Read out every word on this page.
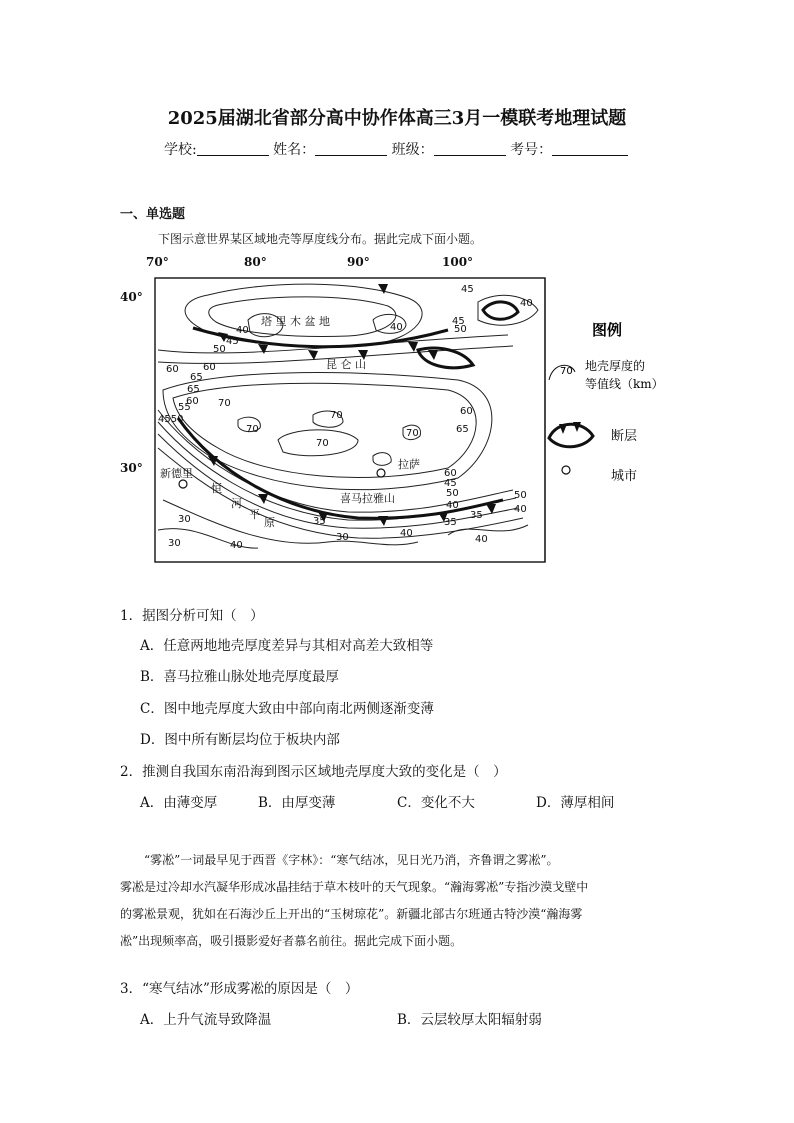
2025届湖北省部分高中协作体高三3月一模联考地理试题
学校:	姓名：	班级：	考号：
一、单选题
下图示意世界某区域地壳等厚度线分布。据此完成下面小题。
70°	80°	90°	100°
40°
30°
塔 里 木 盆 地
昆 仑 山
新德里
恒
河
平
原
喜马拉雅山
拉萨
45
40	40
45
50
60
65
60
65
60
55
4550
70
70
70
70
70
60
65
50
45
40
35
30
30
30
40
35
40
40
40
50
45
60
50
40
35
图例
70 地壳厚度的
等值线（km）
断层
城市
1．据图分析可知（　）
A．任意两地地壳厚度差异与其相对高差大致相等
B．喜马拉雅山脉处地壳厚度最厚
C．图中地壳厚度大致由中部向南北两侧逐渐变薄
D．图中所有断层均位于板块内部
2．推测自我国东南沿海到图示区域地壳厚度大致的变化是（　）
A．由薄变厚	B．由厚变薄	C．变化不大	D．薄厚相间

“雾凇”一词最早见于西晋《字林》：“寒气结冰，见日光乃消，齐鲁谓之雾凇”。

雾凇是过冷却水汽凝华形成冰晶挂结于草木枝叶的天气现象。“瀚海雾凇”专指沙漠戈壁中

的雾凇景观，犹如在石海沙丘上开出的“玉树琼花”。新疆北部古尔班通古特沙漠“瀚海雾

凇”出现频率高，吸引摄影爱好者慕名前往。据此完成下面小题。

3．“寒气结冰”形成雾凇的原因是（　）
A．上升气流导致降温	B．云层较厚太阳辐射弱
